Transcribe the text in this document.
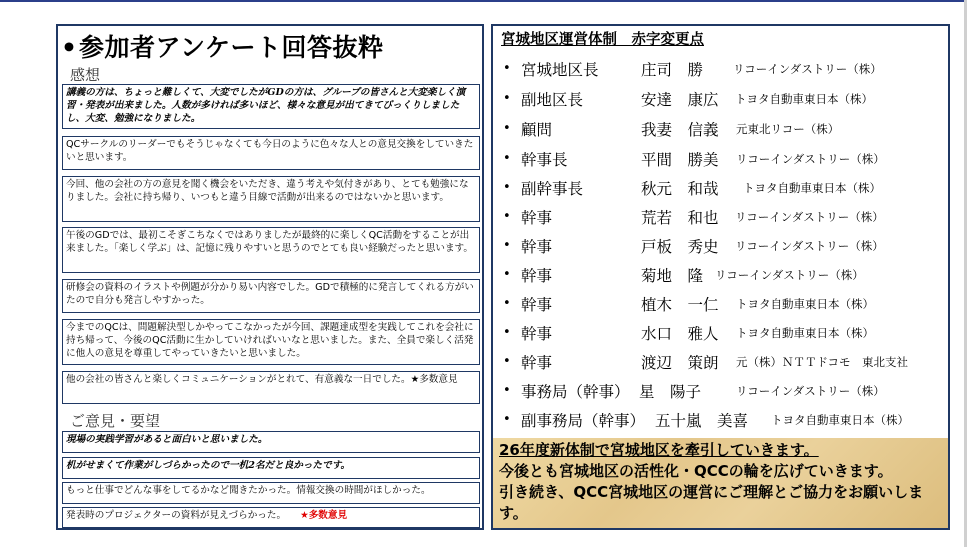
•参加者アンケート回答抜粋
感想
講義の方は、ちょっと難しくて、大変でしたがGDの方は、グループの皆さんと大変楽しく演習・発表が出来ました。人数が多ければ多いほど、様々な意見が出てきてびっくりしましたし、大変、勉強になりました。
QCサークルのリーダーでもそうじゃなくても今日のように色々な人との意見交換をしていきたいと思います。
今回、他の会社の方の意見を聞く機会をいただき、違う考えや気付きがあり、とても勉強になりました。会社に持ち帰り、いつもと違う目線で活動が出来るのではないかと思います。
午後のGDでは、最初こそぎこちなくではありましたが最終的に楽しくQC活動をすることが出来ました。「楽しく学ぶ」は、記憶に残りやすいと思うのでとても良い経験だったと思います。
研修会の資料のイラストや例題が分かり易い内容でした。GDで積極的に発言してくれる方がいたので自分も発言しやすかった。
今までのQCは、問題解決型しかやってこなかったが今回、課題達成型を実践してこれを会社に持ち帰って、今後のQC活動に生かしていければいいなと思いました。また、全員で楽しく活発に他人の意見を尊重してやっていきたいと思いました。
他の会社の皆さんと楽しくコミュニケーションがとれて、有意義な一日でした。★多数意見
ご意見・要望
現場の実践学習があると面白いと思いました。
机がせまくて作業がしづらかったので一机2名だと良かったです。
もっと仕事でどんな事をしてるかなど聞きたかった。情報交換の時間がほしかった。
発表時のプロジェクターの資料が見えづらかった。 ★多数意見
宮城地区運営体制　赤字変更点
• 宮城地区長	庄司　勝	リコーインダストリー（株）
• 副地区長	安達　康広 トヨタ自動車東日本（株）
• 顧問	我妻　信義 元東北リコー（株）
• 幹事長	平間　勝美 リコーインダストリー（株）
• 副幹事長	秋元　和哉 トヨタ自動車東日本（株）
• 幹事	荒若　和也 リコーインダストリー（株）
• 幹事	戸板　秀史 リコーインダストリー（株）
• 幹事	菊地　隆 リコーインダストリー（株）
• 幹事	植木　一仁 トヨタ自動車東日本（株）
• 幹事	水口　雅人 トヨタ自動車東日本（株）
• 幹事	渡辺　策朗 元（株）ＮＴＴドコモ　東北支社
• 事務局（幹事） 星　陽子	リコーインダストリー（株）
• 副事務局（幹事） 五十嵐　美喜 トヨタ自動車東日本（株）
26年度新体制で宮城地区を牽引していきます。
今後とも宮城地区の活性化・QCCの輪を広げていきます。
引き続き、QCC宮城地区の運営にご理解とご協力をお願いします。
